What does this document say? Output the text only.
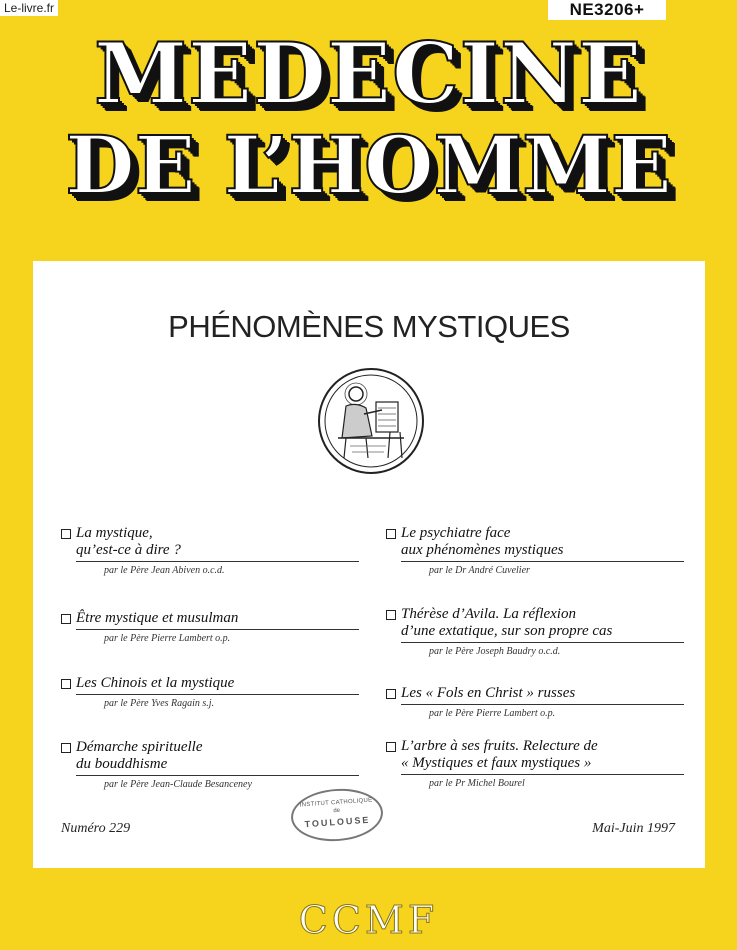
Le-livre.fr	NE3206+
MEDECINE
DE L’HOMME
PHÉNOMÈNES MYSTIQUES
La mystique,
qu’est-ce à dire ?
par le Père Jean Abiven o.c.d.
Être mystique et musulman
par le Père Pierre Lambert o.p.
Les Chinois et la mystique
par le Père Yves Ragain s.j.
Démarche spirituelle
du bouddhisme
par le Père Jean-Claude Besanceney
Le psychiatre face
aux phénomènes mystiques
par le Dr André Cuvelier
Thérèse d’Avila. La réflexion
d’une extatique, sur son propre cas
par le Père Joseph Baudry o.c.d.
Les « Fols en Christ » russes
par le Père Pierre Lambert o.p.
L’arbre à ses fruits. Relecture de
« Mystiques et faux mystiques »
par le Pr Michel Bourel
INSTITUT CATHOLIQUE
de
TOULOUSE
Numéro 229	Mai-Juin 1997
CCMF
